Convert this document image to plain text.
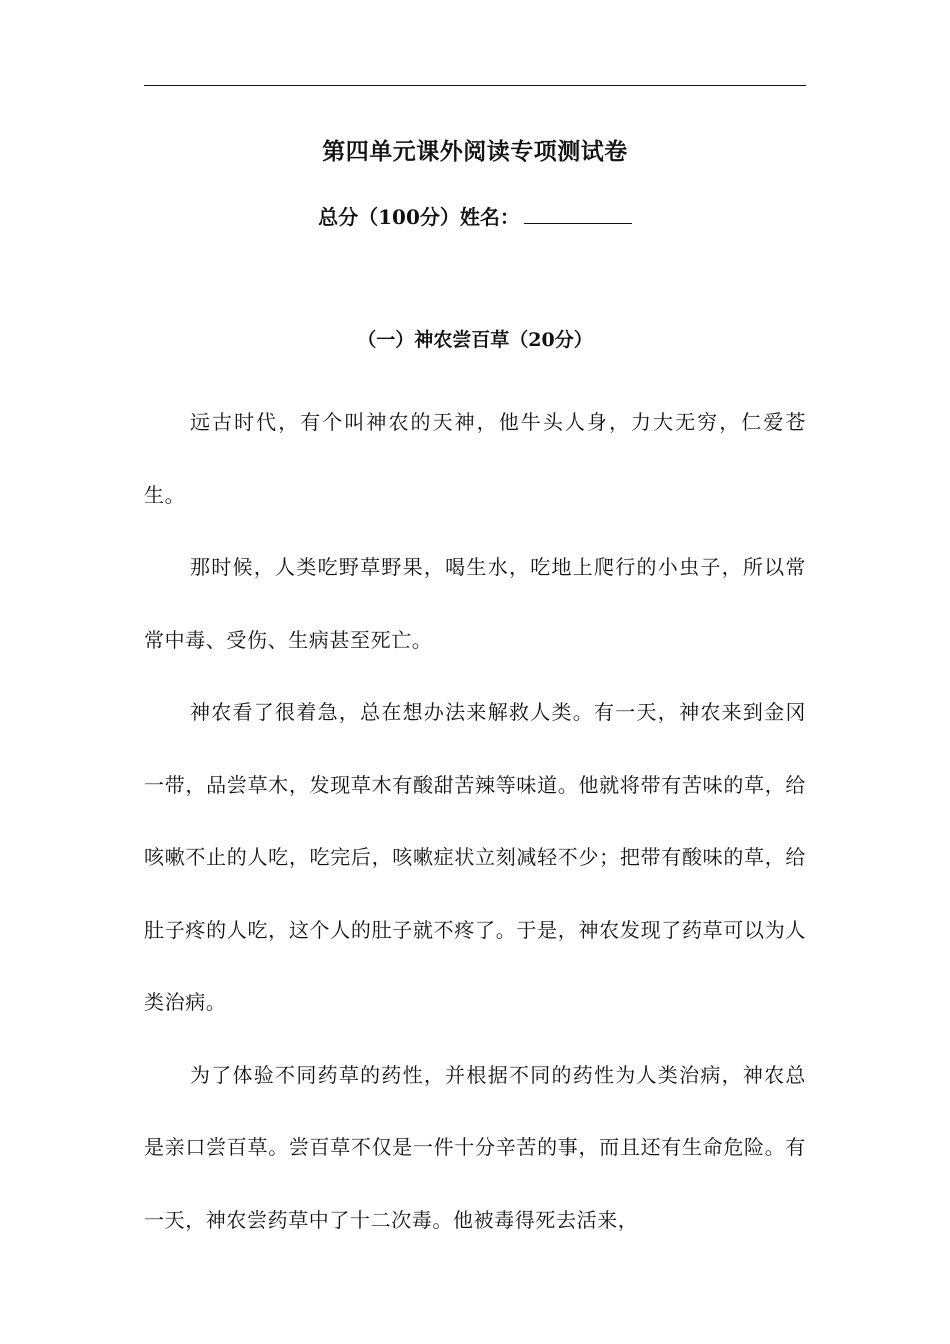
第四单元课外阅读专项测试卷
总分（100分）姓名：
（一）神农尝百草（20分）

远古时代，有个叫神农的天神，他牛头人身，力大无穷，仁爱苍生。

那时候，人类吃野草野果，喝生水，吃地上爬行的小虫子，所以常常中毒、受伤、生病甚至死亡。

神农看了很着急，总在想办法来解救人类。有一天，神农来到金冈一带，品尝草木，发现草木有酸甜苦辣等味道。他就将带有苦味的草，给咳嗽不止的人吃，吃完后，咳嗽症状立刻减轻不少；把带有酸味的草，给肚子疼的人吃，这个人的肚子就不疼了。于是，神农发现了药草可以为人类治病。

为了体验不同药草的药性，并根据不同的药性为人类治病，神农总是亲口尝百草。尝百草不仅是一件十分辛苦的事，而且还有生命危险。有一天，神农尝药草中了十二次毒。他被毒得死去活来，
